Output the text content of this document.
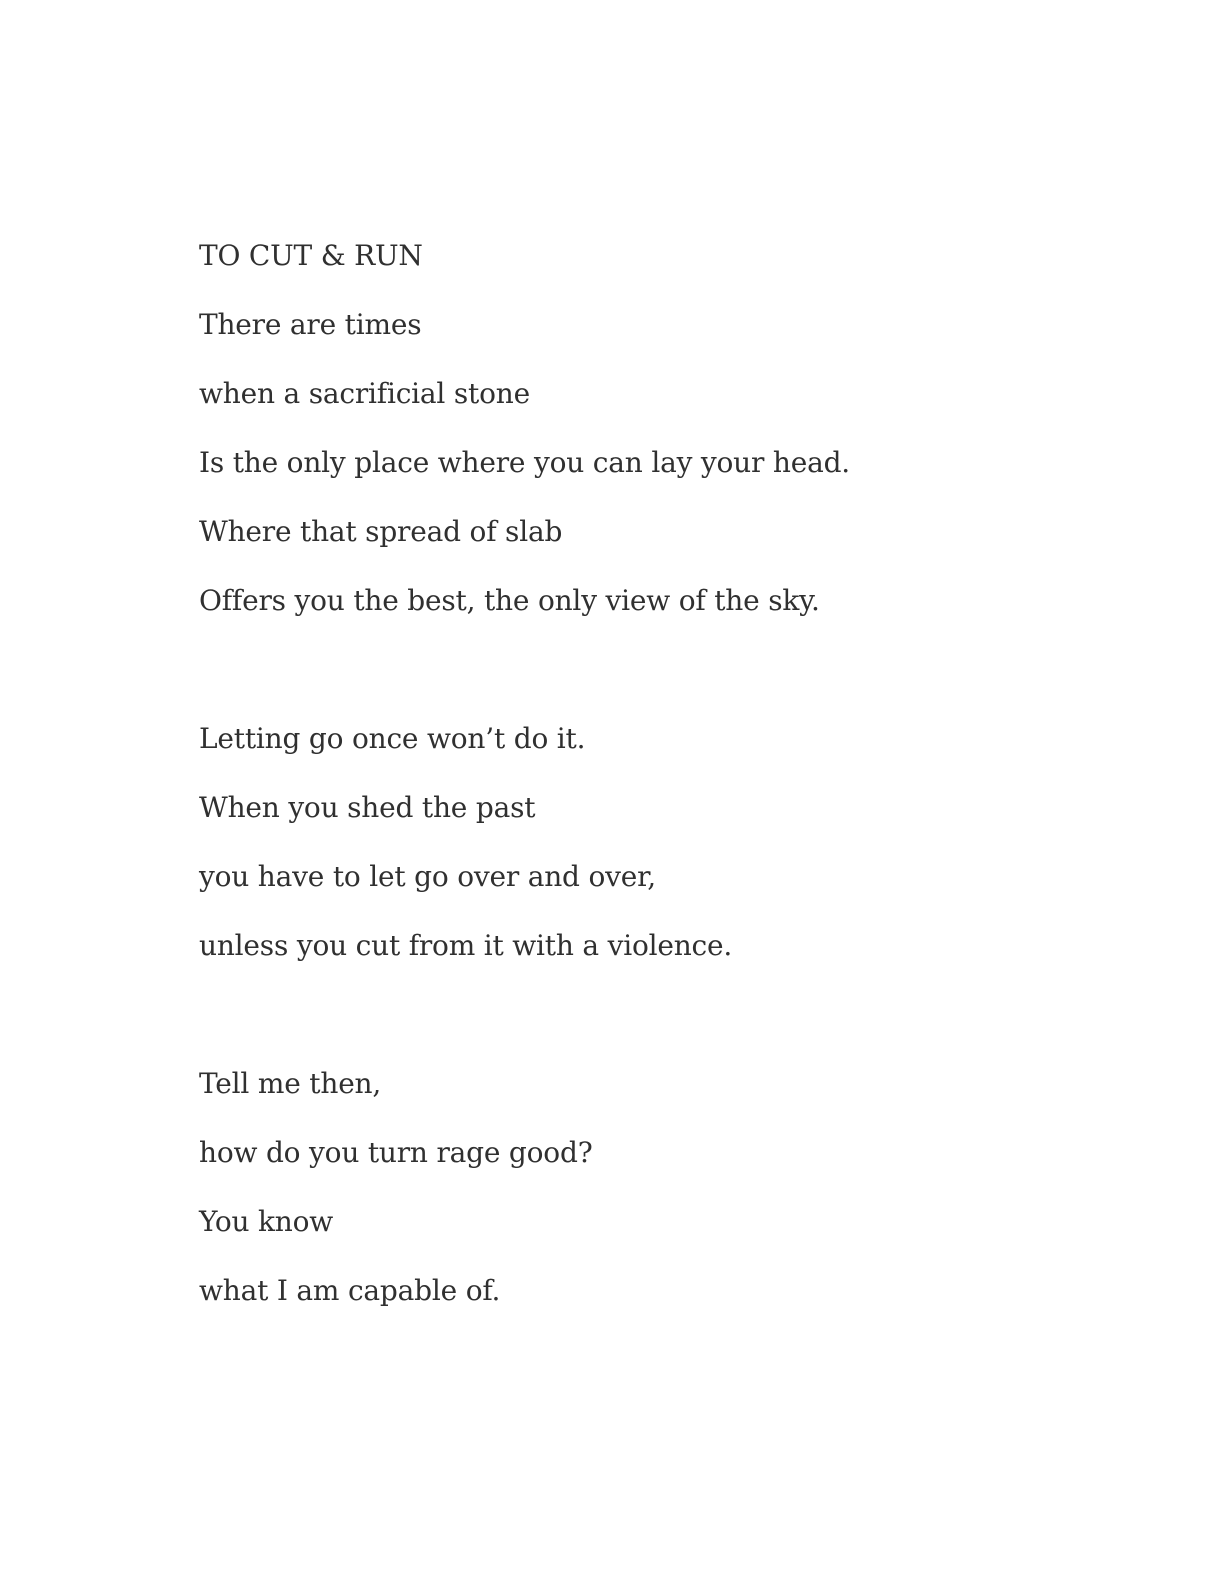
TO CUT & RUN

There are times

when a sacrificial stone

Is the only place where you can lay your head.

Where that spread of slab

Offers you the best, the only view of the sky.

Letting go once won’t do it.

When you shed the past

you have to let go over and over,

unless you cut from it with a violence.

Tell me then,

how do you turn rage good?

You know

what I am capable of.
